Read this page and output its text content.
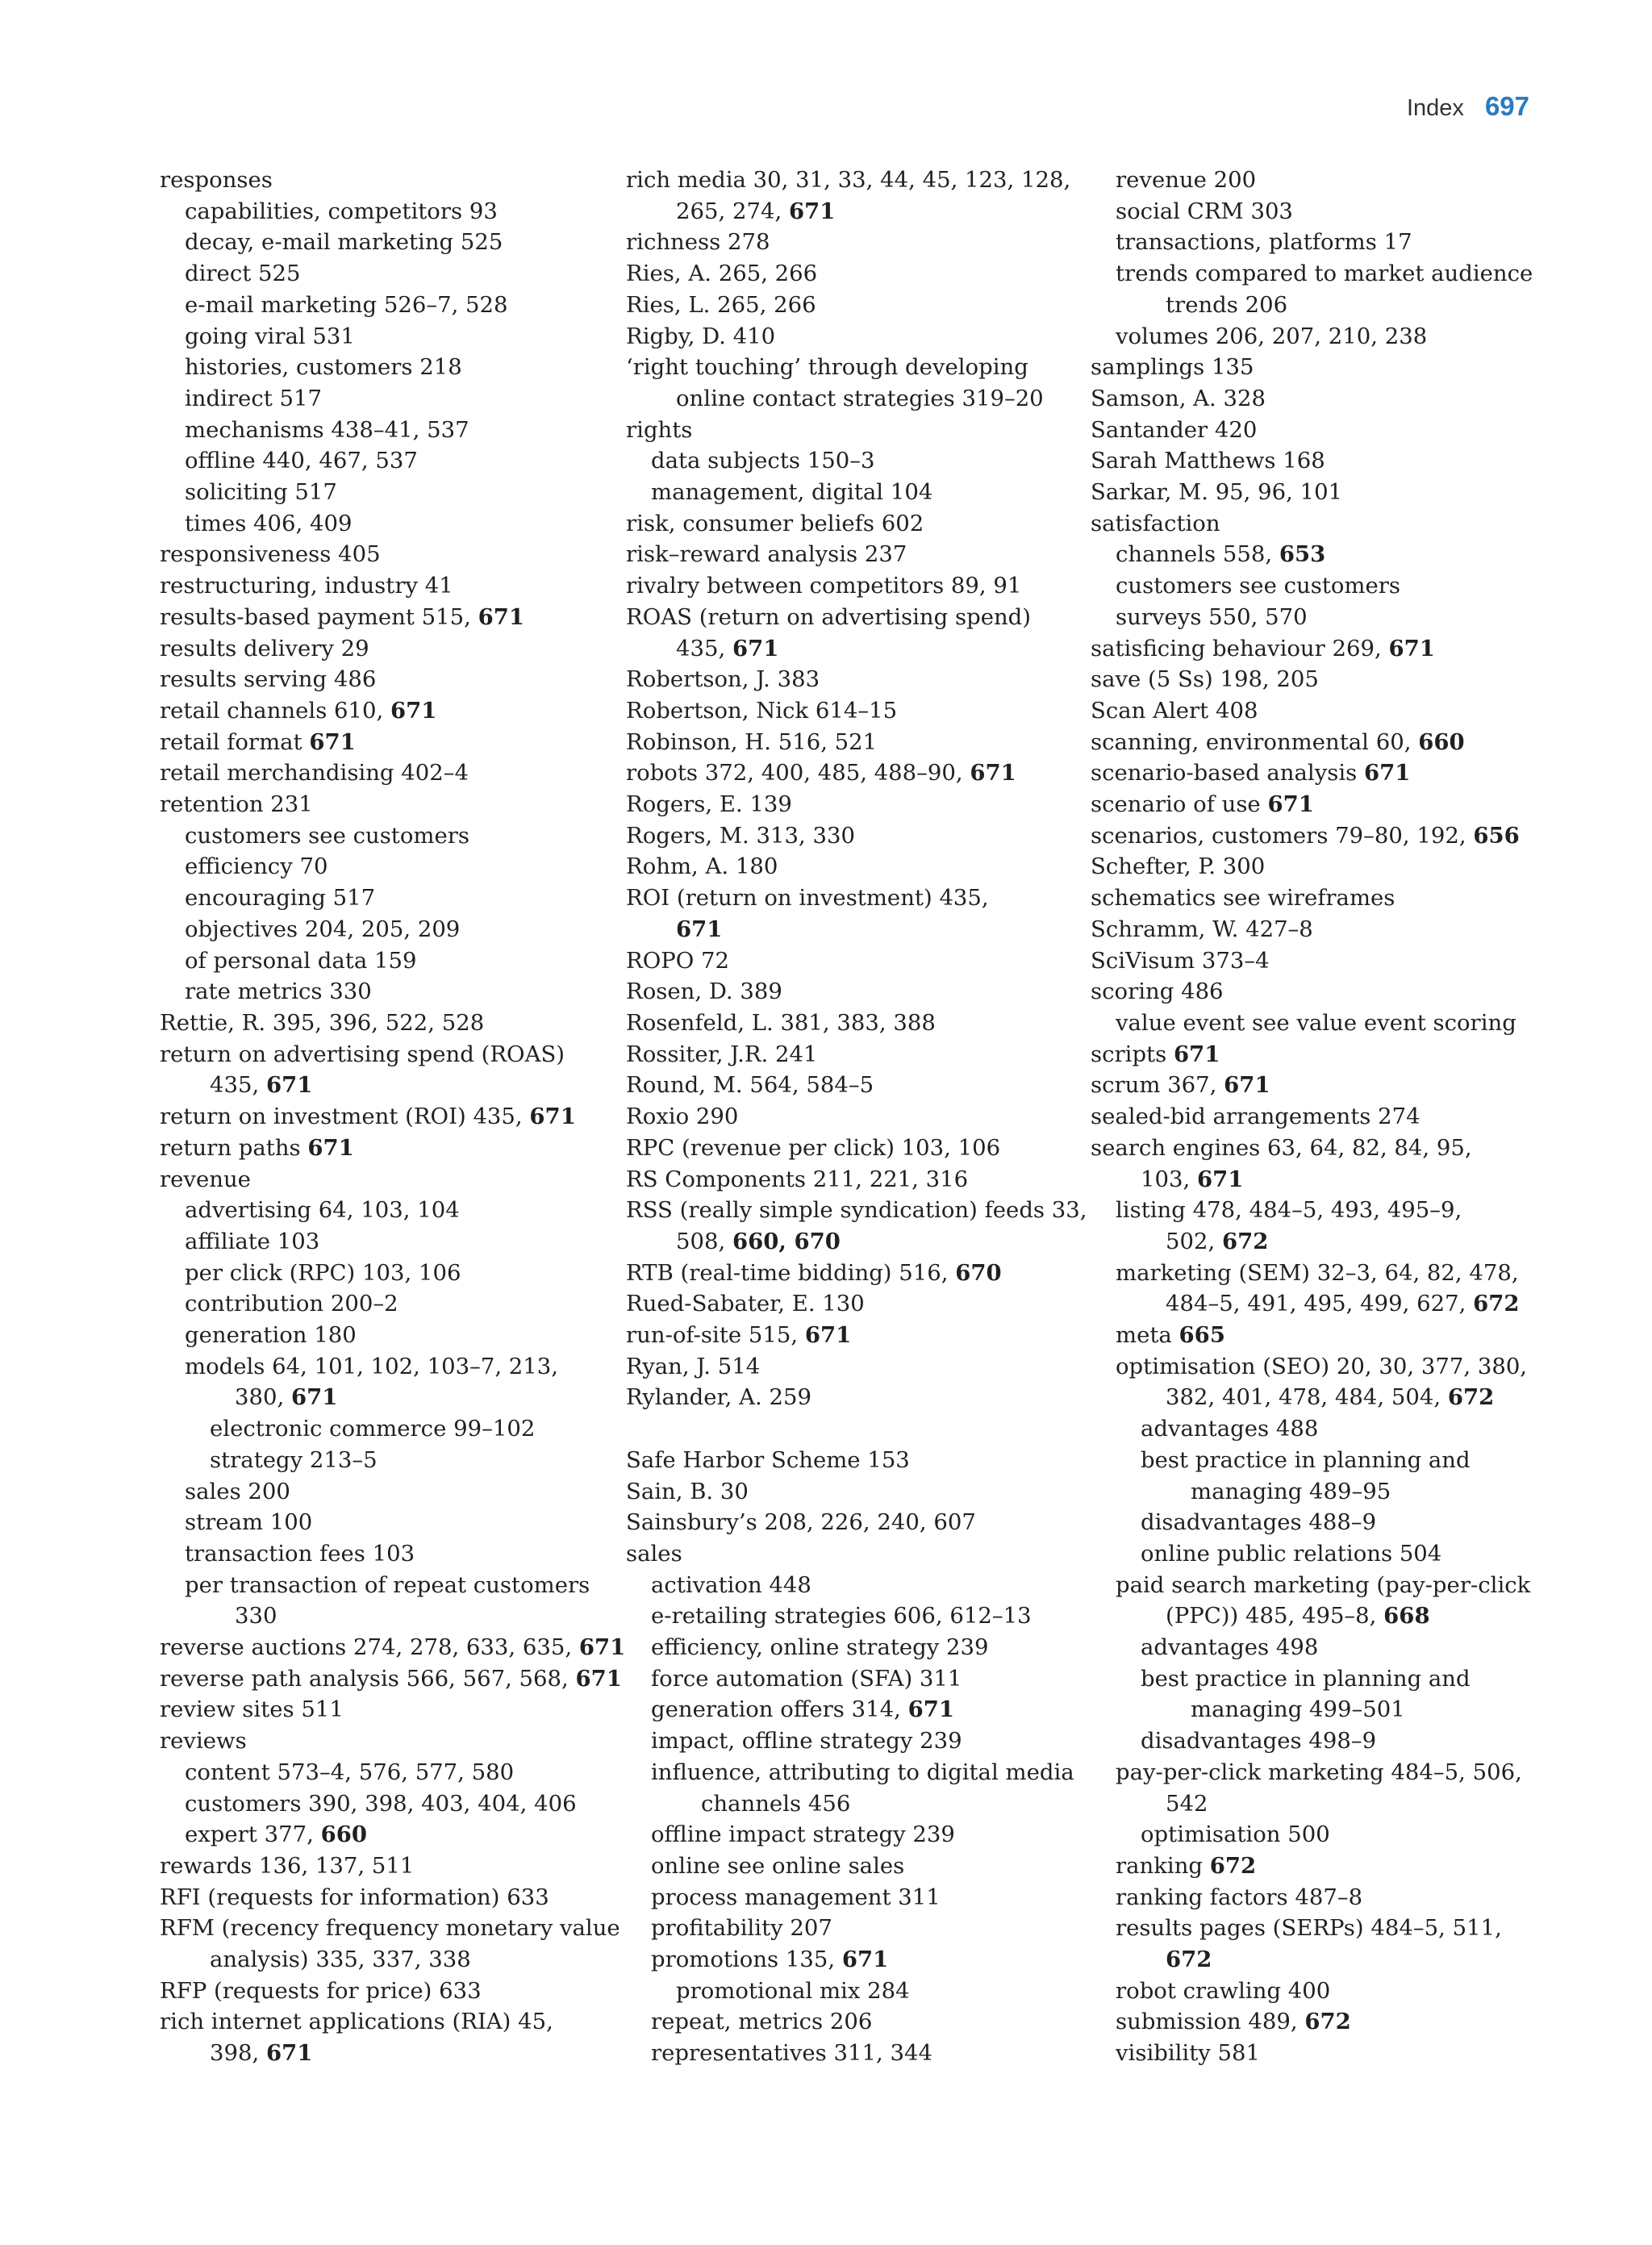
Index 697
responses
capabilities, competitors 93
decay, e-mail marketing 525
direct 525
e-mail marketing 526–7, 528
going viral 531
histories, customers 218
indirect 517
mechanisms 438–41, 537
offline 440, 467, 537
soliciting 517
times 406, 409
responsiveness 405
restructuring, industry 41
results-based payment 515, 671
results delivery 29
results serving 486
retail channels 610, 671
retail format 671
retail merchandising 402–4
retention 231
customers see customers
efficiency 70
encouraging 517
objectives 204, 205, 209
of personal data 159
rate metrics 330
Rettie, R. 395, 396, 522, 528
return on advertising spend (ROAS)
435, 671
return on investment (ROI) 435, 671
return paths 671
revenue
advertising 64, 103, 104
affiliate 103
per click (RPC) 103, 106
contribution 200–2
generation 180
models 64, 101, 102, 103–7, 213,
380, 671
electronic commerce 99–102
strategy 213–5
sales 200
stream 100
transaction fees 103
per transaction of repeat customers
330
reverse auctions 274, 278, 633, 635, 671
reverse path analysis 566, 567, 568, 671
review sites 511
reviews
content 573–4, 576, 577, 580
customers 390, 398, 403, 404, 406
expert 377, 660
rewards 136, 137, 511
RFI (requests for information) 633
RFM (recency frequency monetary value
analysis) 335, 337, 338
RFP (requests for price) 633
rich internet applications (RIA) 45,
398, 671
rich media 30, 31, 33, 44, 45, 123, 128,
265, 274, 671
richness 278
Ries, A. 265, 266
Ries, L. 265, 266
Rigby, D. 410
‘right touching’ through developing
online contact strategies 319–20
rights
data subjects 150–3
management, digital 104
risk, consumer beliefs 602
risk–reward analysis 237
rivalry between competitors 89, 91
ROAS (return on advertising spend)
435, 671
Robertson, J. 383
Robertson, Nick 614–15
Robinson, H. 516, 521
robots 372, 400, 485, 488–90, 671
Rogers, E. 139
Rogers, M. 313, 330
Rohm, A. 180
ROI (return on investment) 435,
671
ROPO 72
Rosen, D. 389
Rosenfeld, L. 381, 383, 388
Rossiter, J.R. 241
Round, M. 564, 584–5
Roxio 290
RPC (revenue per click) 103, 106
RS Components 211, 221, 316
RSS (really simple syndication) feeds 33,
508, 660, 670
RTB (real-time bidding) 516, 670
Rued-Sabater, E. 130
run-of-site 515, 671
Ryan, J. 514
Rylander, A. 259
Safe Harbor Scheme 153
Sain, B. 30
Sainsbury’s 208, 226, 240, 607
sales
activation 448
e-retailing strategies 606, 612–13
efficiency, online strategy 239
force automation (SFA) 311
generation offers 314, 671
impact, offline strategy 239
influence, attributing to digital media
channels 456
offline impact strategy 239
online see online sales
process management 311
profitability 207
promotions 135, 671
promotional mix 284
repeat, metrics 206
representatives 311, 344
revenue 200
social CRM 303
transactions, platforms 17
trends compared to market audience
trends 206
volumes 206, 207, 210, 238
samplings 135
Samson, A. 328
Santander 420
Sarah Matthews 168
Sarkar, M. 95, 96, 101
satisfaction
channels 558, 653
customers see customers
surveys 550, 570
satisficing behaviour 269, 671
save (5 Ss) 198, 205
Scan Alert 408
scanning, environmental 60, 660
scenario-based analysis 671
scenario of use 671
scenarios, customers 79–80, 192, 656
Schefter, P. 300
schematics see wireframes
Schramm, W. 427–8
SciVisum 373–4
scoring 486
value event see value event scoring
scripts 671
scrum 367, 671
sealed-bid arrangements 274
search engines 63, 64, 82, 84, 95,
103, 671
listing 478, 484–5, 493, 495–9,
502, 672
marketing (SEM) 32–3, 64, 82, 478,
484–5, 491, 495, 499, 627, 672
meta 665
optimisation (SEO) 20, 30, 377, 380,
382, 401, 478, 484, 504, 672
advantages 488
best practice in planning and
managing 489–95
disadvantages 488–9
online public relations 504
paid search marketing (pay-per-click
(PPC)) 485, 495–8, 668
advantages 498
best practice in planning and
managing 499–501
disadvantages 498–9
pay-per-click marketing 484–5, 506,
542
optimisation 500
ranking 672
ranking factors 487–8
results pages (SERPs) 484–5, 511,
672
robot crawling 400
submission 489, 672
visibility 581
